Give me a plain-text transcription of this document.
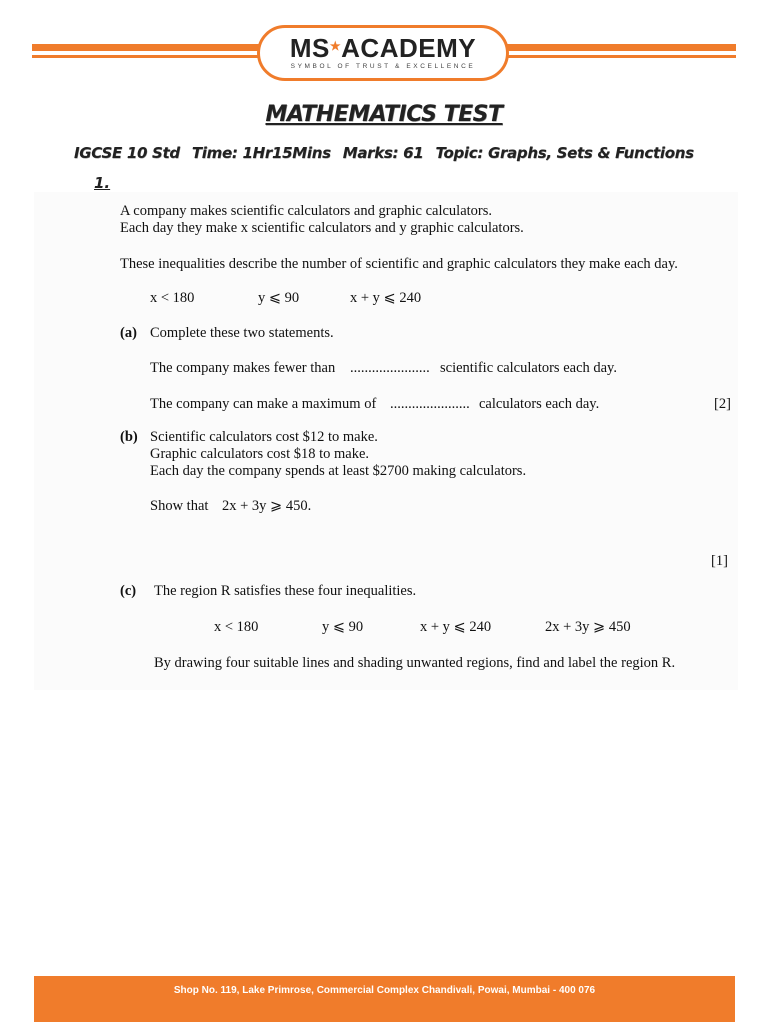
MS★ACADEMY
SYMBOL OF TRUST & EXCELLENCE
MATHEMATICS TEST
IGCSE 10 Std Time: 1Hr15Mins Marks: 61 Topic: Graphs, Sets & Functions
1.
A company makes scientific calculators and graphic calculators.
Each day they make x scientific calculators and y graphic calculators.
These inequalities describe the number of scientific and graphic calculators they make each day.
x < 180	y ⩽ 90	x + y ⩽ 240
(a) Complete these two statements.
The company makes fewer than ...................... scientific calculators each day.
The company can make a maximum of ...................... calculators each day.	[2]
(b) Scientific calculators cost $12 to make.
Graphic calculators cost $18 to make.
Each day the company spends at least $2700 making calculators.
Show that 2x + 3y ⩾ 450.
[1]
(c) The region R satisfies these four inequalities.
x < 180	y ⩽ 90	x + y ⩽ 240	2x + 3y ⩾ 450
By drawing four suitable lines and shading unwanted regions, find and label the region R.
Shop No. 119, Lake Primrose, Commercial Complex Chandivali, Powai, Mumbai - 400 076
